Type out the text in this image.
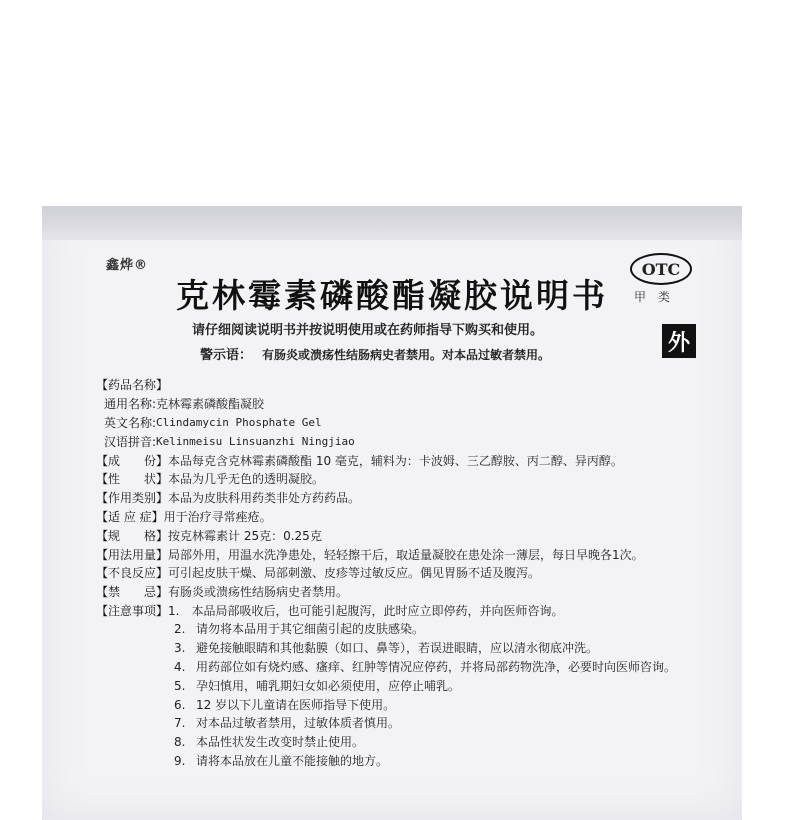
鑫烨®
克林霉素磷酸酯凝胶说明书
OTC
甲类
请仔细阅读说明书并按说明使用或在药师指导下购买和使用。
警示语： 有肠炎或溃疡性结肠病史者禁用。对本品过敏者禁用。	外
【药品名称】
通用名称: 克林霉素磷酸酯凝胶
英文名称: Clindamycin Phosphate Gel
汉语拼音: Kelinmeisu Linsuanzhi Ningjiao
【成　　份】 本品每克含克林霉素磷酸酯 10 毫克，辅料为：卡波姆、三乙醇胺、丙二醇、异丙醇。
【性　　状】 本品为几乎无色的透明凝胶。
【作用类别】 本品为皮肤科用药类非处方药药品。
【适 应 症】 用于治疗寻常痤疮。
【规　　格】 按克林霉素计 25克：0.25克
【用法用量】 局部外用，用温水洗净患处，轻轻擦干后，取适量凝胶在患处涂一薄层，每日早晚各1次。
【不良反应】 可引起皮肤干燥、局部刺激、皮疹等过敏反应。偶见胃肠不适及腹泻。
【禁　　忌】 有肠炎或溃疡性结肠病史者禁用。
【注意事项】 1.　本品局部吸收后，也可能引起腹泻，此时应立即停药，并向医师咨询。
2. 请勿将本品用于其它细菌引起的皮肤感染。
3. 避免接触眼睛和其他黏膜（如口、鼻等），若误进眼睛，应以清水彻底冲洗。
4. 用药部位如有烧灼感、瘙痒、红肿等情况应停药，并将局部药物洗净，必要时向医师咨询。
5. 孕妇慎用，哺乳期妇女如必须使用，应停止哺乳。
6. 12 岁以下儿童请在医师指导下使用。
7. 对本品过敏者禁用，过敏体质者慎用。
8. 本品性状发生改变时禁止使用。
9. 请将本品放在儿童不能接触的地方。
